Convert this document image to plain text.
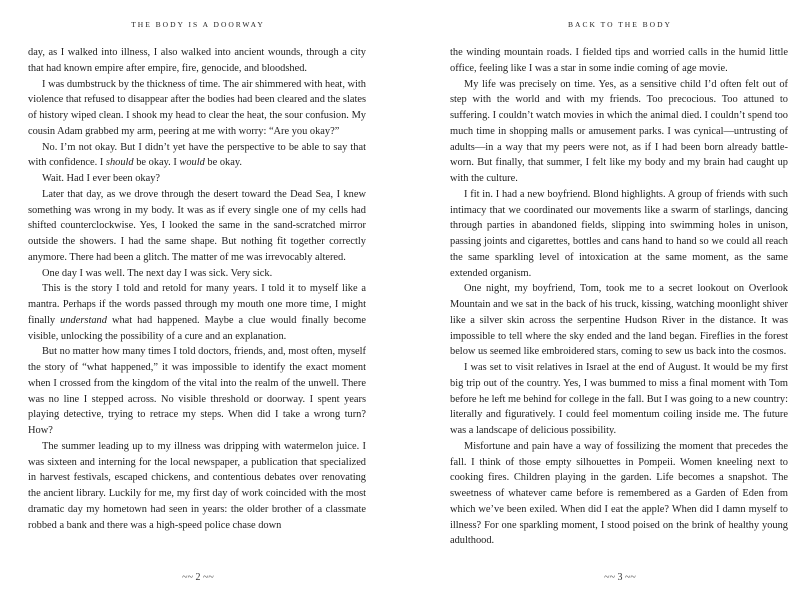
THE BODY IS A DOORWAY

day, as I walked into illness, I also walked into ancient wounds, through a city that had known empire after empire, fire, genocide, and bloodshed.

I was dumbstruck by the thickness of time. The air shimmered with heat, with violence that refused to disappear after the bodies had been cleared and the slates of history wiped clean. I shook my head to clear the heat, the sour confusion. My cousin Adam grabbed my arm, peering at me with worry: “Are you okay?”

No. I’m not okay. But I didn’t yet have the perspective to be able to say that with confidence. I should be okay. I would be okay.

Wait. Had I ever been okay?

Later that day, as we drove through the desert toward the Dead Sea, I knew something was wrong in my body. It was as if every single one of my cells had shifted counterclockwise. Yes, I looked the same in the sand-scratched mirror outside the showers. I had the same shape. But nothing fit together correctly anymore. There had been a glitch. The matter of me was irrevocably altered.

One day I was well. The next day I was sick. Very sick.

This is the story I told and retold for many years. I told it to myself like a mantra. Perhaps if the words passed through my mouth one more time, I might finally understand what had happened. Maybe a clue would finally become visible, unlocking the possibility of a cure and an explanation.

But no matter how many times I told doctors, friends, and, most often, myself the story of “what happened,” it was impossible to identify the exact moment when I crossed from the kingdom of the vital into the realm of the unwell. There was no line I stepped across. No visible threshold or doorway. I spent years playing detective, trying to retrace my steps. When did I take a wrong turn? How?

The summer leading up to my illness was dripping with watermelon juice. I was sixteen and interning for the local newspaper, a publication that specialized in harvest festivals, escaped chickens, and contentious debates over renovating the ancient library. Luckily for me, my first day of work coincided with the most dramatic day my hometown had seen in years: the older brother of a classmate robbed a bank and there was a high-speed police chase down

~~ 2 ~~
BACK TO THE BODY

the winding mountain roads. I fielded tips and worried calls in the humid little office, feeling like I was a star in some indie coming of age movie.

My life was precisely on time. Yes, as a sensitive child I’d often felt out of step with the world and with my friends. Too precocious. Too attuned to suffering. I couldn’t watch movies in which the animal died. I couldn’t spend too much time in shopping malls or amusement parks. I was cynical—untrusting of adults—in a way that my peers were not, as if I had been born already battle-worn. But finally, that summer, I felt like my body and my brain had caught up with the culture.

I fit in. I had a new boyfriend. Blond highlights. A group of friends with such intimacy that we coordinated our movements like a swarm of starlings, dancing through parties in abandoned fields, slipping into swimming holes in unison, passing joints and cigarettes, bottles and cans hand to hand so we could all reach the same sparkling level of intoxication at the same moment, as the same extended organism.

One night, my boyfriend, Tom, took me to a secret lookout on Overlook Mountain and we sat in the back of his truck, kissing, watching moonlight shiver like a silver skin across the serpentine Hudson River in the distance. It was impossible to tell where the sky ended and the land began. Fireflies in the forest below us seemed like embroidered stars, coming to sew us back into the cosmos.

I was set to visit relatives in Israel at the end of August. It would be my first big trip out of the country. Yes, I was bummed to miss a final moment with Tom before he left me behind for college in the fall. But I was going to a new country: literally and figuratively. I could feel momentum coiling inside me. The future was a landscape of delicious possibility.

Misfortune and pain have a way of fossilizing the moment that precedes the fall. I think of those empty silhouettes in Pompeii. Women kneeling next to cooking fires. Children playing in the garden. Life becomes a snapshot. The sweetness of whatever came before is remembered as a Garden of Eden from which we’ve been exiled. When did I eat the apple? When did I damn myself to illness? For one sparkling moment, I stood poised on the brink of healthy young adulthood.

~~ 3 ~~
